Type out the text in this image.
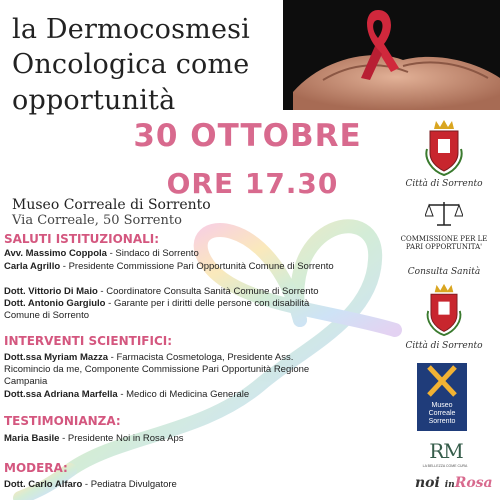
la Dermocosmesi
Oncologica come
opportunità
30 OTTOBRE
ORE 17.30
Museo Correale di Sorrento
Via Correale, 50 Sorrento
SALUTI ISTITUZIONALI:
Avv. Massimo Coppola - Sindaco di Sorrento
Carla Agrillo - Presidente Commissione Pari Opportunità Comune di Sorrento
Dott. Vittorio Di Maio - Coordinatore Consulta Sanità Comune di Sorrento
Dott. Antonio Gargiulo - Garante per i diritti delle persone con disabilità Comune di Sorrento
INTERVENTI SCIENTIFICI:
Dott.ssa Myriam Mazza - Farmacista Cosmetologa, Presidente Ass. Ricomincio da me, Componente Commissione Pari Opportunità Regione Campania
Dott.ssa Adriana Marfella - Medico di Medicina Generale
TESTIMONIANZA:
Maria Basile - Presidente Noi in Rosa Aps
MODERA:
Dott. Carlo Alfaro - Pediatra Divulgatore
Città di Sorrento
COMMISSIONE PER LE PARI OPPORTUNITA'
Consulta Sanità
Città di Sorrento
Museo
Correale
Sorrento
RM
LA BELLEZZA COME CURA
noi inRosa
